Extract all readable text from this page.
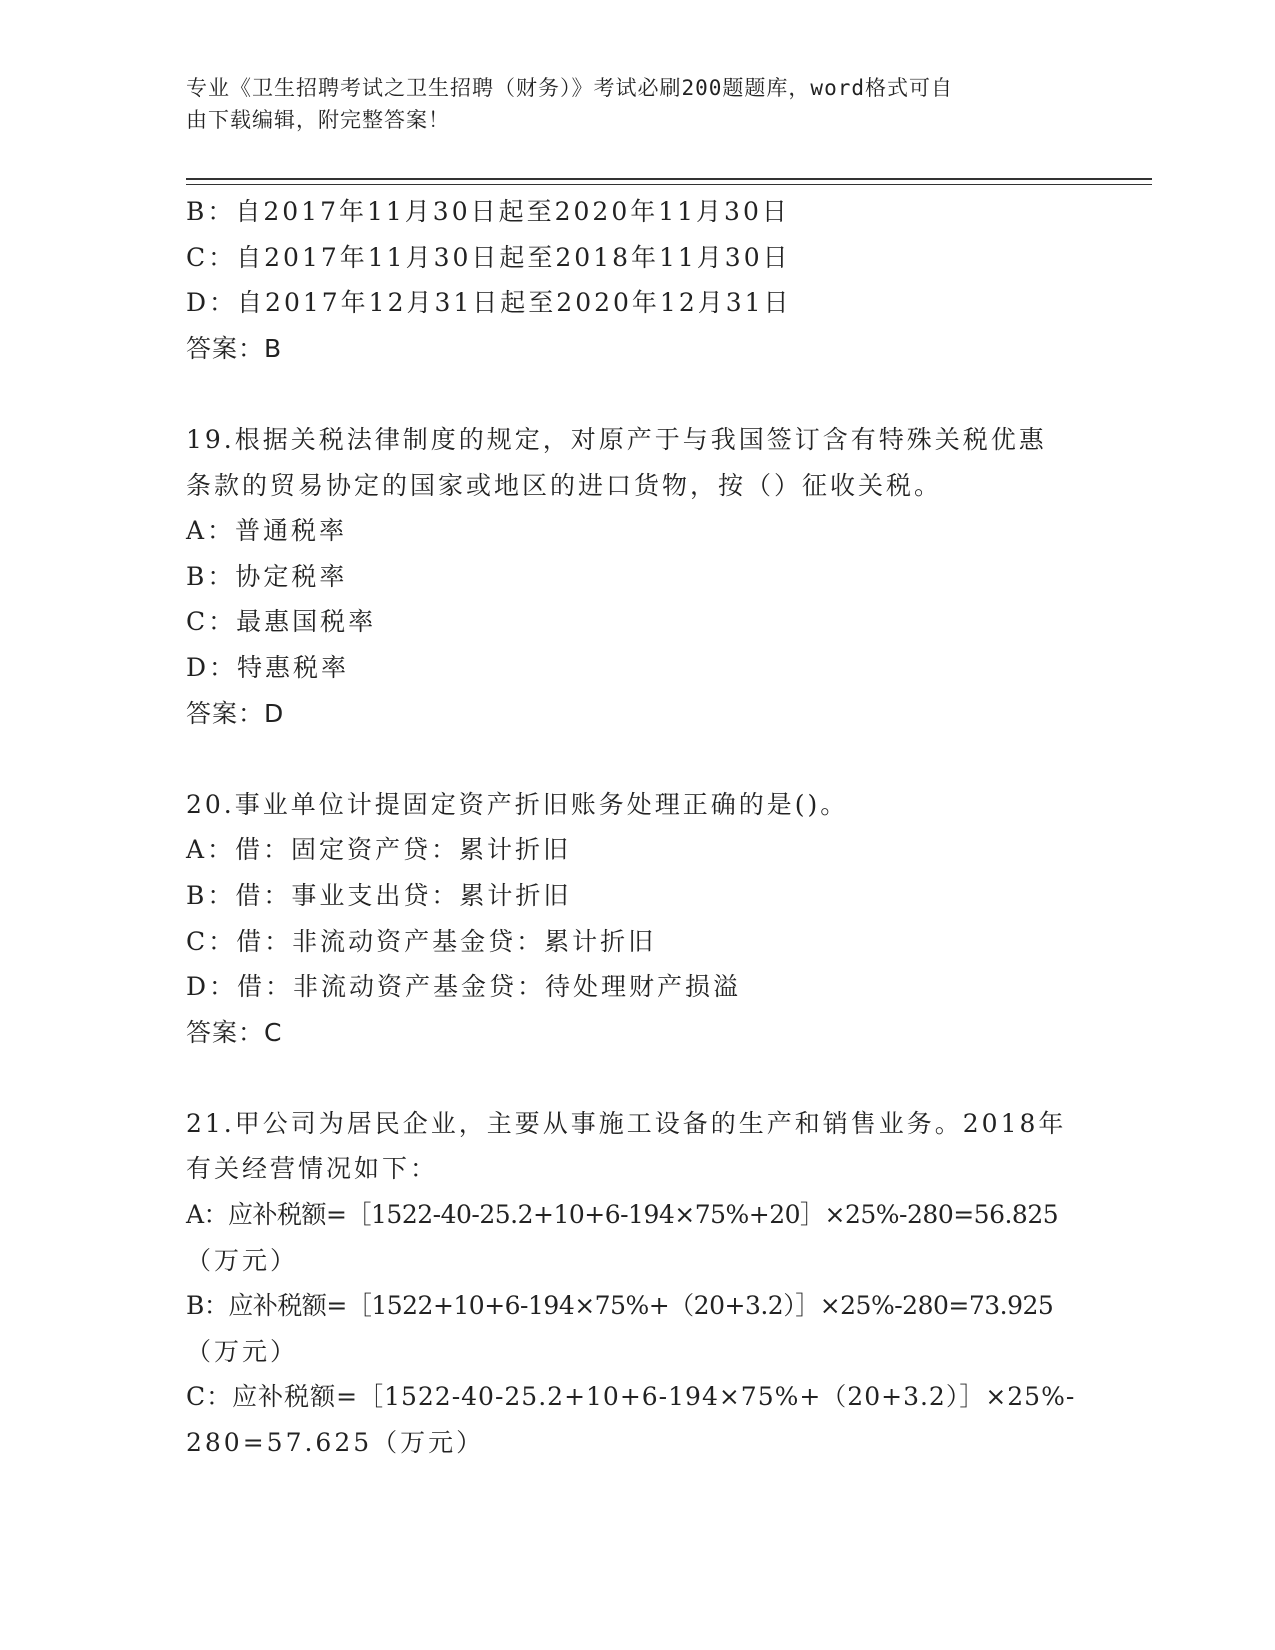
专业《卫生招聘考试之卫生招聘（财务）》考试必刷200题题库，word格式可自
由下载编辑，附完整答案！
B：自2017年11月30日起至2020年11月30日
C：自2017年11月30日起至2018年11月30日
D：自2017年12月31日起至2020年12月31日
答案：B
19.根据关税法律制度的规定，对原产于与我国签订含有特殊关税优惠
条款的贸易协定的国家或地区的进口货物，按（）征收关税。
A：普通税率
B：协定税率
C：最惠国税率
D：特惠税率
答案：D
20.事业单位计提固定资产折旧账务处理正确的是()。
A：借：固定资产贷：累计折旧
B：借：事业支出贷：累计折旧
C：借：非流动资产基金贷：累计折旧
D：借：非流动资产基金贷：待处理财产损溢
答案：C
21.甲公司为居民企业，主要从事施工设备的生产和销售业务。2018年
有关经营情况如下：
A：应补税额=［1522-40-25.2+10+6-194×75%+20］×25%-280=56.825
（万元）
B：应补税额=［1522+10+6-194×75%+（20+3.2）］×25%-280=73.925
（万元）
C：应补税额=［1522-40-25.2+10+6-194×75%+（20+3.2）］×25%-
280=57.625（万元）
